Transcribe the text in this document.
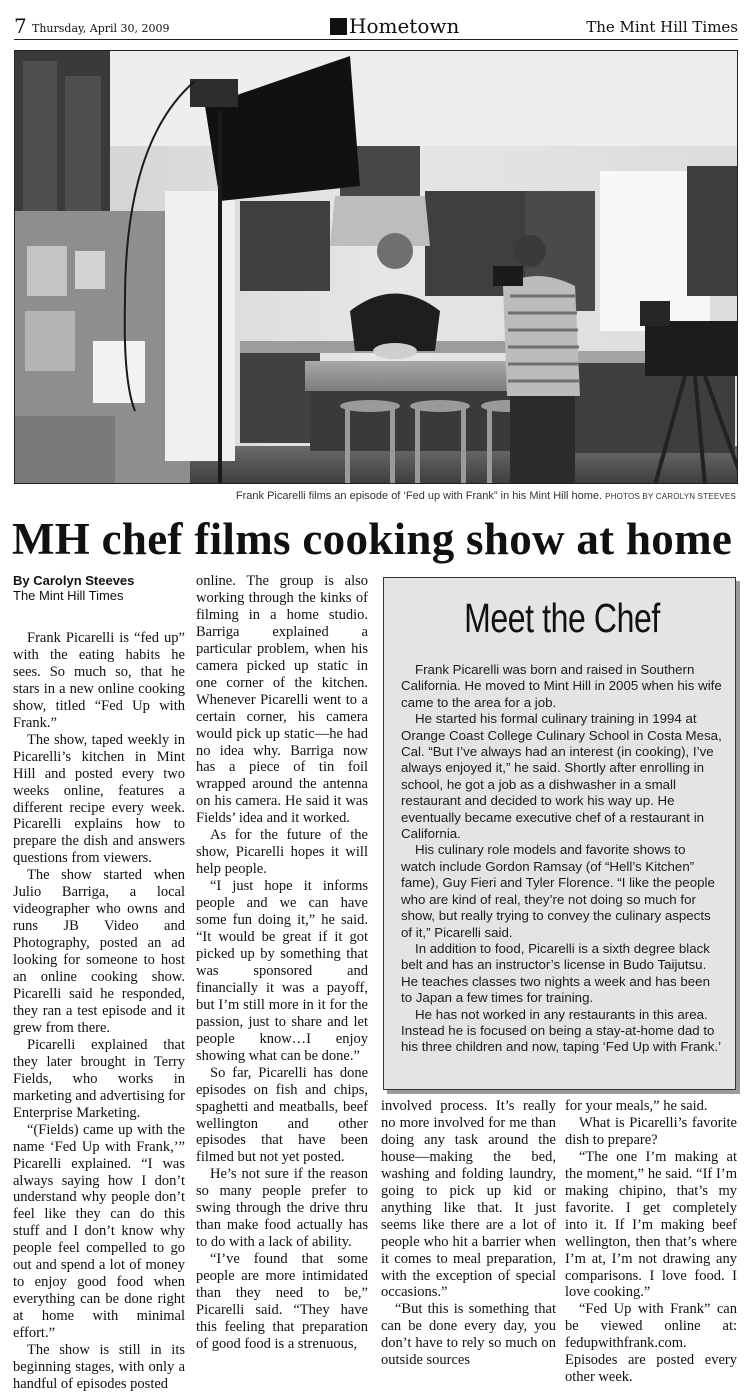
7 Thursday, April 30, 2009	Hometown	The Mint Hill Times
Frank Picarelli films an episode of ‘Fed up with Frank” in his Mint Hill home. PHOTOS BY CAROLYN STEEVES
MH chef films cooking show at home
By Carolyn Steeves
The Mint Hill Times

Frank Picarelli is “fed up” with the eating habits he sees. So much so, that he stars in a new online cooking show, titled “Fed Up with Frank.”

The show, taped weekly in Picarelli’s kitchen in Mint Hill and posted every two weeks online, features a different recipe every week. Picarelli explains how to prepare the dish and answers questions from viewers.

The show started when Julio Barriga, a local videographer who owns and runs JB Video and Photography, posted an ad looking for someone to host an online cooking show. Picarelli said he responded, they ran a test episode and it grew from there.

Picarelli explained that they later brought in Terry Fields, who works in marketing and advertising for Enterprise Marketing.

“(Fields) came up with the name ‘Fed Up with Frank,’” Picarelli explained. “I was always saying how I don’t understand why people don’t feel like they can do this stuff and I don’t know why people feel compelled to go out and spend a lot of money to enjoy good food when everything can be done right at home with minimal effort.”

The show is still in its beginning stages, with only a handful of episodes posted

online. The group is also working through the kinks of filming in a home studio. Barriga explained a particular problem, when his camera picked up static in one corner of the kitchen. Whenever Picarelli went to a certain corner, his camera would pick up static—he had no idea why. Barriga now has a piece of tin foil wrapped around the antenna on his camera. He said it was Fields’ idea and it worked.

As for the future of the show, Picarelli hopes it will help people.

“I just hope it informs people and we can have some fun doing it,” he said. “It would be great if it got picked up by something that was sponsored and financially it was a payoff, but I’m still more in it for the passion, just to share and let people know…I enjoy showing what can be done.”

So far, Picarelli has done episodes on fish and chips, spaghetti and meatballs, beef wellington and other episodes that have been filmed but not yet posted.

He’s not sure if the reason so many people prefer to swing through the drive thru than make food actually has to do with a lack of ability.

“I’ve found that some people are more intimidated than they need to be,” Picarelli said. “They have this feeling that preparation of good food is a strenuous,

Meet the Chef

Frank Picarelli was born and raised in Southern California. He moved to Mint Hill in 2005 when his wife came to the area for a job.

He started his formal culinary training in 1994 at Orange Coast College Culinary School in Costa Mesa, Cal. “But I’ve always had an interest (in cooking), I’ve always enjoyed it,” he said. Shortly after enrolling in school, he got a job as a dishwasher in a small restaurant and decided to work his way up. He eventually became executive chef of a restaurant in California.

His culinary role models and favorite shows to watch include Gordon Ramsay (of “Hell’s Kitchen” fame), Guy Fieri and Tyler Florence. “I like the people who are kind of real, they’re not doing so much for show, but really trying to convey the culinary aspects of it,” Picarelli said.

In addition to food, Picarelli is a sixth degree black belt and has an instructor’s license in Budo Taijutsu. He teaches classes two nights a week and has been to Japan a few times for training.

He has not worked in any restaurants in this area. Instead he is focused on being a stay-at-home dad to his three children and now, taping ‘Fed Up with Frank.’

involved process. It’s really no more involved for me than doing any task around the house—making the bed, washing and folding laundry, going to pick up kid or anything like that. It just seems like there are a lot of people who hit a barrier when it comes to meal preparation, with the exception of special occasions.”

“But this is something that can be done every day, you don’t have to rely so much on outside sources

for your meals,” he said.

What is Picarelli’s favorite dish to prepare?

“The one I’m making at the moment,” he said. “If I’m making chipino, that’s my favorite. I get completely into it. If I’m making beef wellington, then that’s where I’m at, I’m not drawing any comparisons. I love food. I love cooking.”

“Fed Up with Frank” can be viewed online at: fedupwithfrank.com. Episodes are posted every other week.
